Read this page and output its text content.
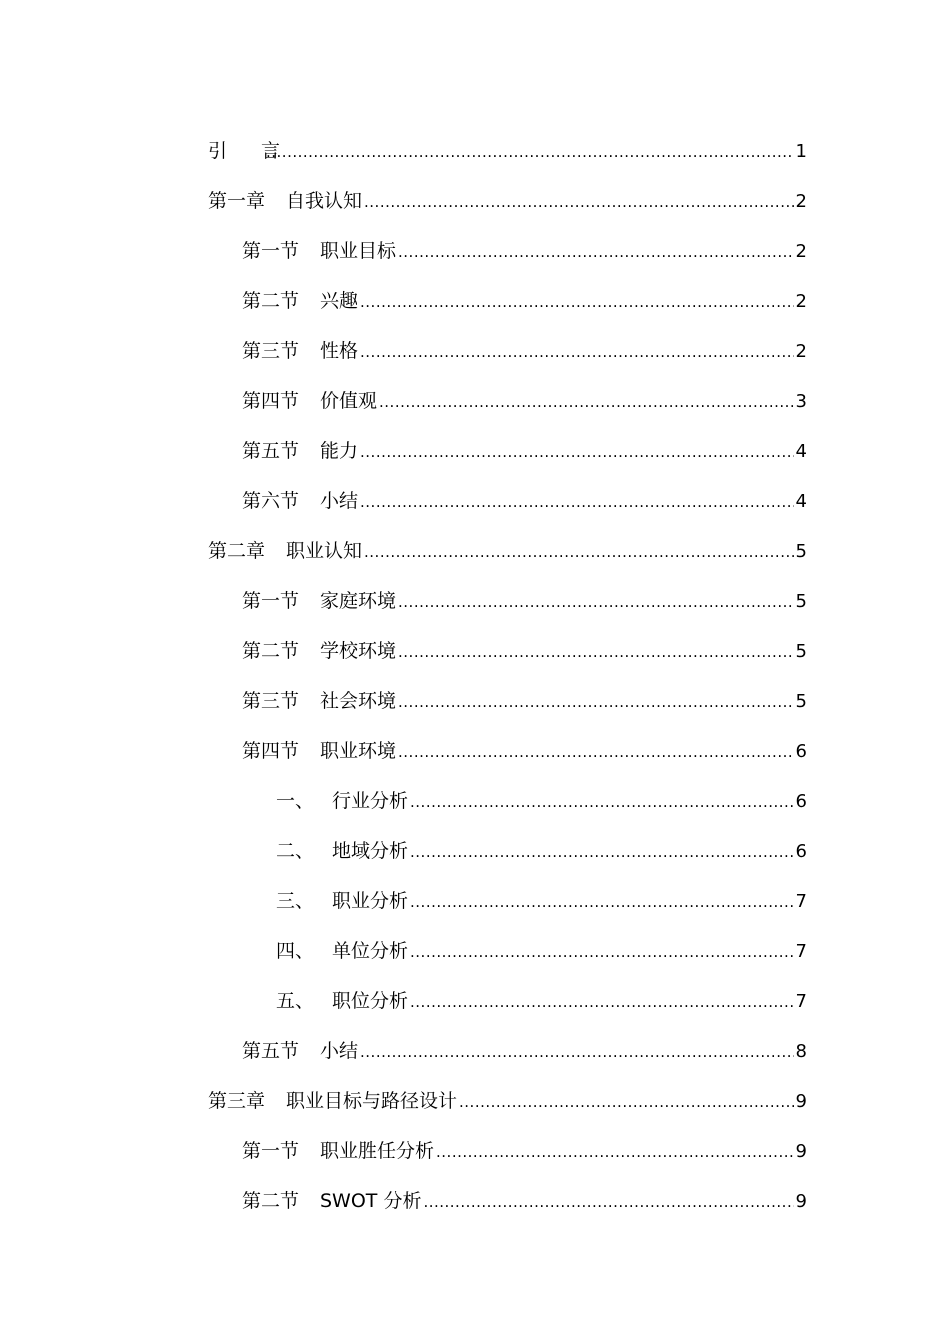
引 言 .....	1
第一章	自我认知 .....	2
第一节	职业目标 .....	2
第二节	兴趣 .....	2
第三节	性格 .....	2
第四节	价值观 .....	3
第五节	能力 .....	4
第六节	小结 .....	4
第二章	职业认知 .....	5
第一节	家庭环境 .....	5
第二节	学校环境 .....	5
第三节	社会环境 .....	5
第四节	职业环境 .....	6
一、 行业分析 .....	6
二、 地域分析 .....	6
三、 职业分析 .....	7
四、 单位分析 .....	7
五、 职位分析 .....	7
第五节	小结 .....	8
第三章	职业目标与路径设计 .....	9
第一节	职业胜任分析 .....	9
第二节	SWOT 分析 .....	9
